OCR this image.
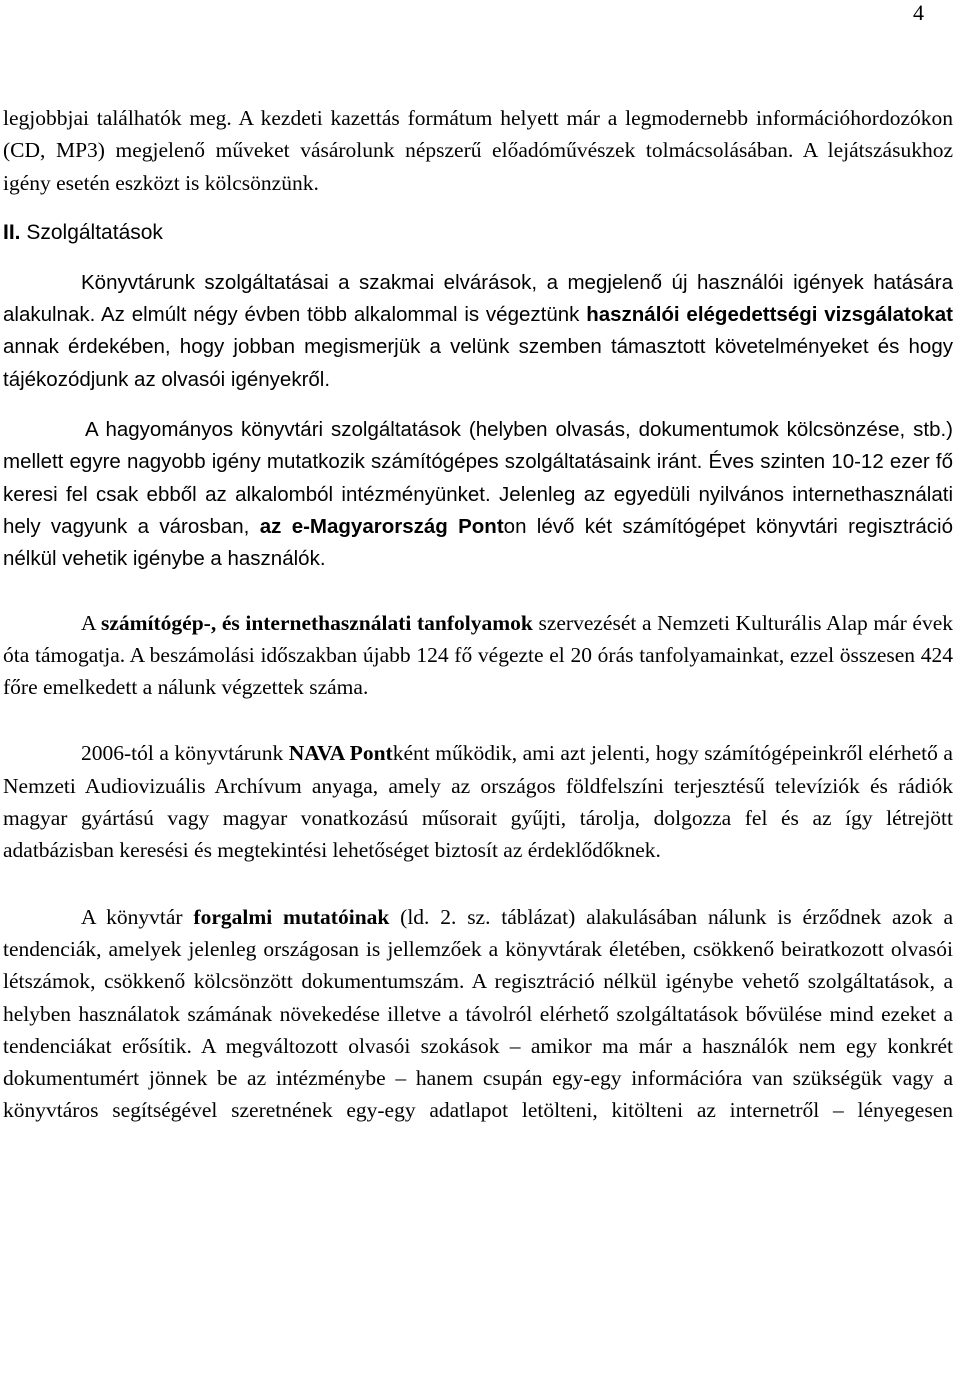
4

legjobbjai találhatók meg. A kezdeti kazettás formátum helyett már a legmodernebb információhordozókon (CD, MP3) megjelenő műveket vásárolunk népszerű előadóművészek tolmácsolásában. A lejátszásukhoz igény esetén eszközt is kölcsönzünk.

II. Szolgáltatások

Könyvtárunk szolgáltatásai a szakmai elvárások, a megjelenő új használói igények hatására alakulnak. Az elmúlt négy évben több alkalommal is végeztünk használói elégedettségi vizsgálatokat annak érdekében, hogy jobban megismerjük a velünk szemben támasztott követelményeket és hogy tájékozódjunk az olvasói igényekről.

A hagyományos könyvtári szolgáltatások (helyben olvasás, dokumentumok kölcsönzése, stb.) mellett egyre nagyobb igény mutatkozik számítógépes szolgáltatásaink iránt. Éves szinten 10-12 ezer fő keresi fel csak ebből az alkalomból intézményünket. Jelenleg az egyedüli nyilvános internethasználati hely vagyunk a városban, az e-Magyarország Ponton lévő két számítógépet könyvtári regisztráció nélkül vehetik igénybe a használók.

A számítógép-, és internethasználati tanfolyamok szervezését a Nemzeti Kulturális Alap már évek óta támogatja. A beszámolási időszakban újabb 124 fő végezte el 20 órás tanfolyamainkat, ezzel összesen 424 főre emelkedett a nálunk végzettek száma.

2006-tól a könyvtárunk NAVA Pontként működik, ami azt jelenti, hogy számítógépeinkről elérhető a Nemzeti Audiovizuális Archívum anyaga, amely az országos földfelszíni terjesztésű televíziók és rádiók magyar gyártású vagy magyar vonatkozású műsorait gyűjti, tárolja, dolgozza fel és az így létrejött adatbázisban keresési és megtekintési lehetőséget biztosít az érdeklődőknek.

A könyvtár forgalmi mutatóinak (ld. 2. sz. táblázat) alakulásában nálunk is érződnek azok a tendenciák, amelyek jelenleg országosan is jellemzőek a könyvtárak életében, csökkenő beiratkozott olvasói létszámok, csökkenő kölcsönzött dokumentumszám. A regisztráció nélkül igénybe vehető szolgáltatások, a helyben használatok számának növekedése illetve a távolról elérhető szolgáltatások bővülése mind ezeket a tendenciákat erősítik. A megváltozott olvasói szokások – amikor ma már a használók nem egy konkrét dokumentumért jönnek be az intézménybe – hanem csupán egy-egy információra van szükségük vagy a könyvtáros segítségével szeretnének egy-egy adatlapot letölteni, kitölteni az internetről – lényegesen
